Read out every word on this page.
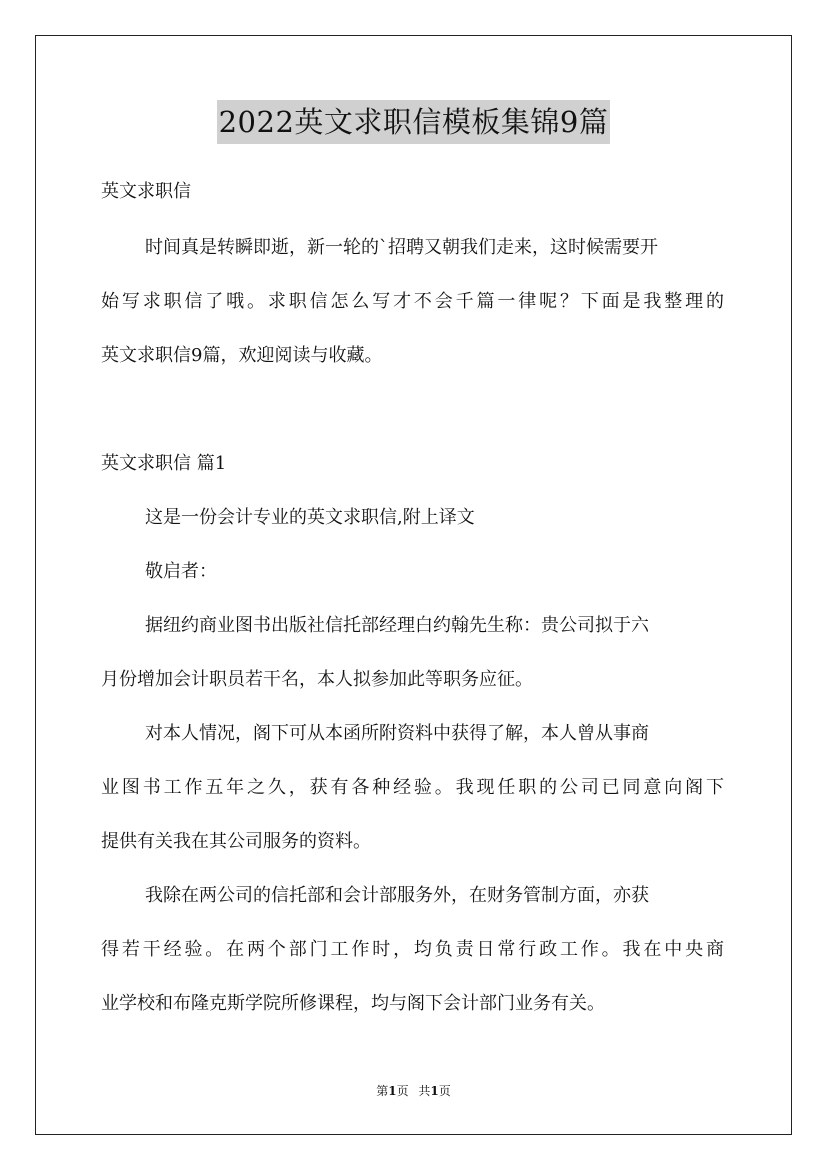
2022英文求职信模板集锦9篇
英文求职信
时间真是转瞬即逝，新一轮的`招聘又朝我们走来，这时候需要开
始写求职信了哦。求职信怎么写才不会千篇一律呢？下面是我整理的
英文求职信9篇，欢迎阅读与收藏。
英文求职信 篇1
这是一份会计专业的英文求职信,附上译文
敬启者：
据纽约商业图书出版社信托部经理白约翰先生称：贵公司拟于六
月份增加会计职员若干名，本人拟参加此等职务应征。
对本人情况，阁下可从本函所附资料中获得了解，本人曾从事商
业图书工作五年之久，获有各种经验。我现任职的公司已同意向阁下
提供有关我在其公司服务的资料。
我除在两公司的信托部和会计部服务外，在财务管制方面，亦获
得若干经验。在两个部门工作时，均负责日常行政工作。我在中央商
业学校和布隆克斯学院所修课程，均与阁下会计部门业务有关。
第1页 共1页
